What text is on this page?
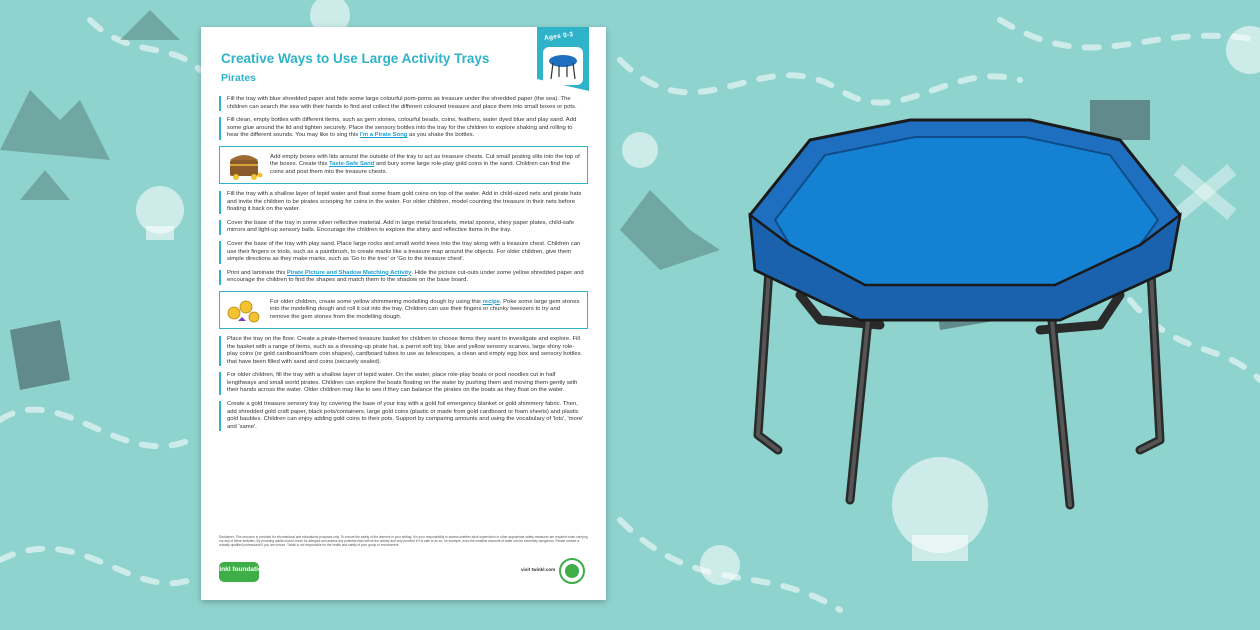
Creative Ways to Use Large Activity Trays
Pirates
Ages 0-3

Fill the tray with blue shredded paper and hide some large colourful pom-poms as treasure under the shredded paper (the sea). The children can search the sea with their hands to find and collect the different coloured treasure and place them into small boxes or pots.

Fill clean, empty bottles with different items, such as gem stones, colourful beads, coins, feathers, water dyed blue and play sand. Add some glue around the lid and tighten securely. Place the sensory bottles into the tray for the children to explore shaking and rolling to hear the different sounds. You may like to sing this I'm a Pirate Song as you shake the bottles.

Add empty boxes with lids around the outside of the tray to act as treasure chests. Cut small posting slits into the top of the boxes. Create this Taste-Safe Sand and bury some large role-play gold coins in the sand. Children can find the coins and post them into the treasure chests.

Fill the tray with a shallow layer of tepid water and float some foam gold coins on top of the water. Add in child-sized nets and pirate hats and invite the children to be pirates scooping for coins in the water. For older children, model counting the treasure in their nets before floating it back on the water.

Cover the base of the tray in some silver reflective material. Add in large metal bracelets, metal spoons, shiny paper plates, child-safe mirrors and light-up sensory balls. Encourage the children to explore the shiny and reflective items in the tray.

Cover the base of the tray with play sand. Place large rocks and small world trees into the tray along with a treasure chest. Children can use their fingers or tools, such as a paintbrush, to create marks like a treasure map around the objects. For older children, give them simple directions as they make marks, such as 'Go to the tree' or 'Go to the treasure chest'.

Print and laminate this Pirate Picture and Shadow Matching Activity. Hide the picture cut-outs under some yellow shredded paper and encourage the children to find the shapes and match them to the shadow on the base board.

For older children, create some yellow shimmering modelling dough by using this recipe. Poke some large gem stones into the modelling dough and roll it out into the tray. Children can use their fingers or chunky tweezers to try and remove the gem stones from the modelling dough.

Place the tray on the floor. Create a pirate-themed treasure basket for children to choose items they want to investigate and explore. Fill the basket with a range of items, such as a dressing-up pirate hat, a parrot soft toy, blue and yellow sensory scarves, large shiny role-play coins (or gold cardboard/foam coin shapes), cardboard tubes to use as telescopes, a clean and empty egg box and sensory bottles that have been filled with sand and coins (securely sealed).

For older children, fill the tray with a shallow layer of tepid water. On the water, place role-play boats or pool noodles cut in half lengthways and small world pirates. Children can explore the boats floating on the water by pushing them and moving them gently with their hands across the water. Older children may like to see if they can balance the pirates on the boats as they float on the water.

Create a gold treasure sensory tray by covering the base of your tray with a gold foil emergency blanket or gold shimmery fabric. Then, add shredded gold craft paper, black pots/containers, large gold coins (plastic or made from gold cardboard or foam sheets) and plastic gold baubles. Children can enjoy adding gold coins to their pots. Support by comparing amounts and using the vocabulary of 'lots', 'more' and 'same'.

Disclaimer: This resource is provided for informational and educational purposes only. To ensure the safety of the learners in your setting, it is your responsibility to assess whether adult supervision or other appropriate safety measures are required when carrying out any of these activities. By providing adults should check for allergies and assess any potential risks before the activity and only proceed if it is safe to do so; for example, even the smallest amounts of water can be extremely dangerous. Please contact a suitably qualified professional if you are unsure. Twinkl is not responsible for the health and safety of your group or environment.

twinkl foundation	visit twinkl.com
